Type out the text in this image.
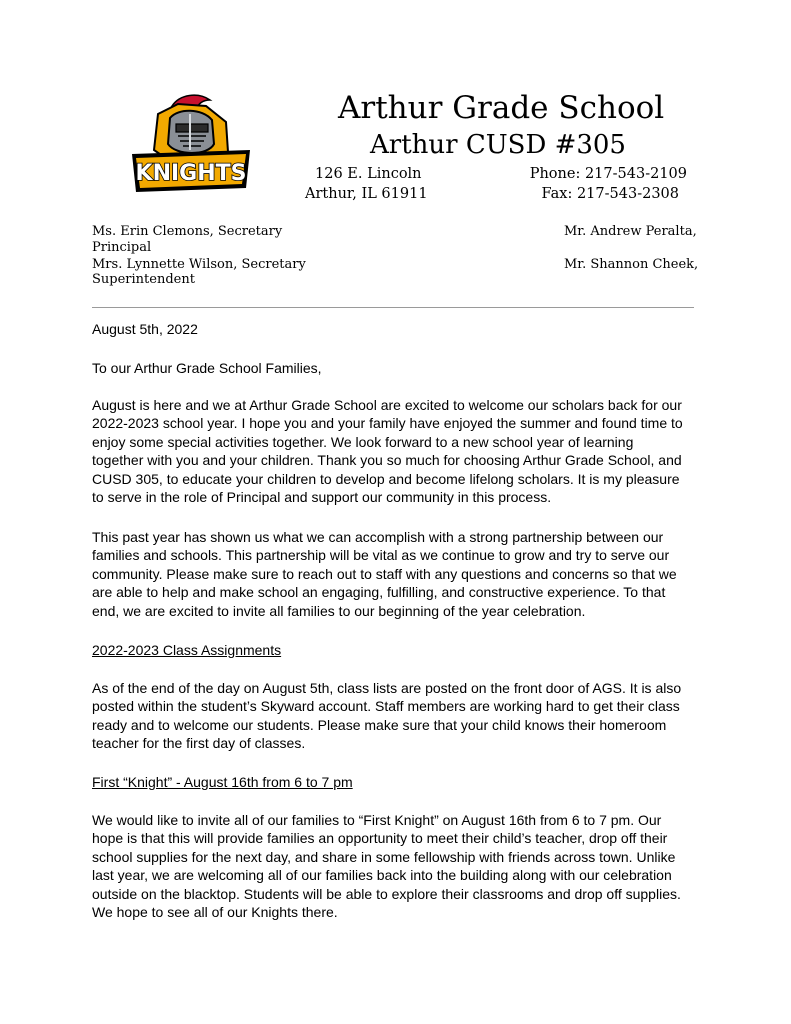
KNIGHTS
Arthur Grade School
Arthur CUSD #305
126 E. Lincoln
Arthur, IL 61911
Phone: 217-543-2109
Fax: 217-543-2308
Ms. Erin Clemons, Secretary
Principal
Mrs. Lynnette Wilson, Secretary
Superintendent
Mr. Andrew Peralta,
Mr. Shannon Cheek,
August 5th, 2022
To our Arthur Grade School Families,
August is here and we at Arthur Grade School are excited to welcome our scholars back for our
2022-2023 school year. I hope you and your family have enjoyed the summer and found time to
enjoy some special activities together. We look forward to a new school year of learning
together with you and your children. Thank you so much for choosing Arthur Grade School, and
CUSD 305, to educate your children to develop and become lifelong scholars. It is my pleasure
to serve in the role of Principal and support our community in this process.
This past year has shown us what we can accomplish with a strong partnership between our
families and schools. This partnership will be vital as we continue to grow and try to serve our
community. Please make sure to reach out to staff with any questions and concerns so that we
are able to help and make school an engaging, fulfilling, and constructive experience. To that
end, we are excited to invite all families to our beginning of the year celebration.
2022-2023 Class Assignments
As of the end of the day on August 5th, class lists are posted on the front door of AGS. It is also
posted within the student’s Skyward account. Staff members are working hard to get their class
ready and to welcome our students. Please make sure that your child knows their homeroom
teacher for the first day of classes.
First “Knight” - August 16th from 6 to 7 pm
We would like to invite all of our families to “First Knight” on August 16th from 6 to 7 pm. Our
hope is that this will provide families an opportunity to meet their child’s teacher, drop off their
school supplies for the next day, and share in some fellowship with friends across town. Unlike
last year, we are welcoming all of our families back into the building along with our celebration
outside on the blacktop. Students will be able to explore their classrooms and drop off supplies.
We hope to see all of our Knights there.
